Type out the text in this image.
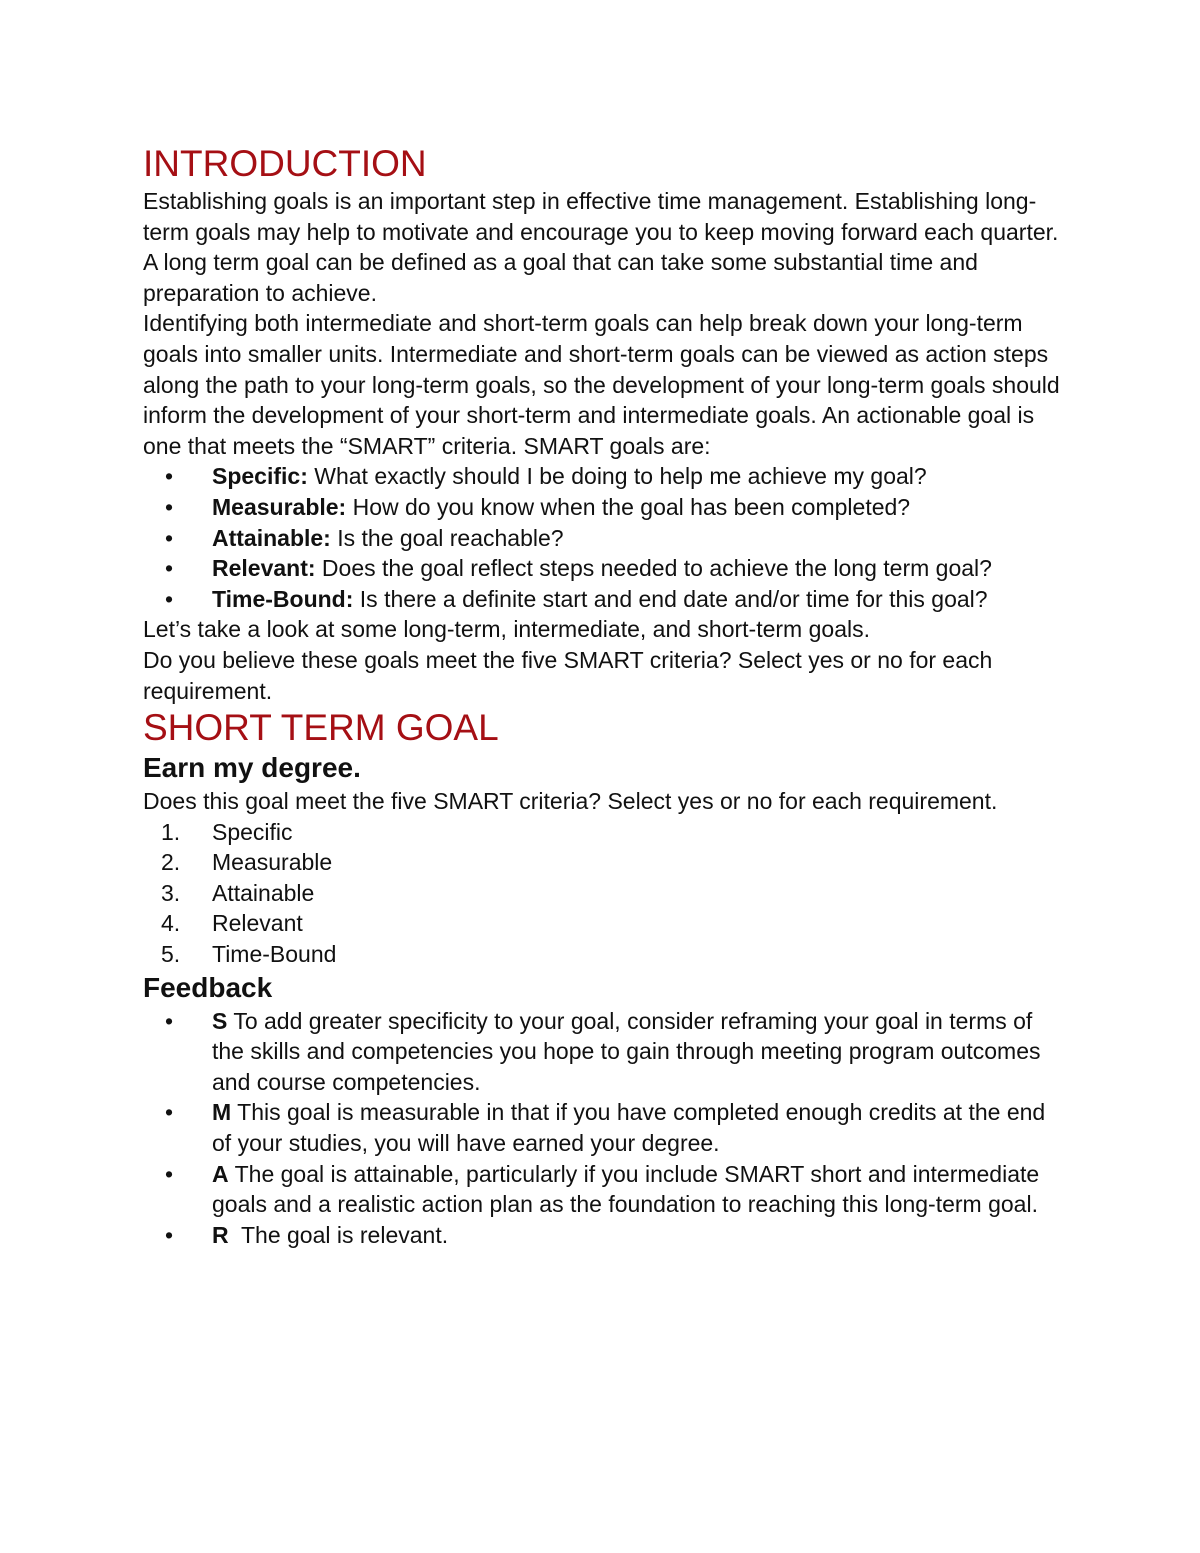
INTRODUCTION

Establishing goals is an important step in effective time management. Establishing long-term goals may help to motivate and encourage you to keep moving forward each quarter. A long term goal can be defined as a goal that can take some substantial time and preparation to achieve.

Identifying both intermediate and short-term goals can help break down your long-term goals into smaller units. Intermediate and short-term goals can be viewed as action steps along the path to your long-term goals, so the development of your long-term goals should inform the development of your short-term and intermediate goals. An actionable goal is one that meets the “SMART” criteria. SMART goals are:

• Specific: What exactly should I be doing to help me achieve my goal?
• Measurable: How do you know when the goal has been completed?
• Attainable: Is the goal reachable?
• Relevant: Does the goal reflect steps needed to achieve the long term goal?
• Time-Bound: Is there a definite start and end date and/or time for this goal?

Let’s take a look at some long-term, intermediate, and short-term goals.

Do you believe these goals meet the five SMART criteria? Select yes or no for each requirement.

SHORT TERM GOAL
Earn my degree.

Does this goal meet the five SMART criteria? Select yes or no for each requirement.

1. Specific
2. Measurable
3. Attainable
4. Relevant
5. Time-Bound
Feedback
• S To add greater specificity to your goal, consider reframing your goal in terms of the skills and competencies you hope to gain through meeting program outcomes and course competencies.
• M This goal is measurable in that if you have completed enough credits at the end of your studies, you will have earned your degree.
• A The goal is attainable, particularly if you include SMART short and intermediate goals and a realistic action plan as the foundation to reaching this long-term goal.
• R  The goal is relevant.
